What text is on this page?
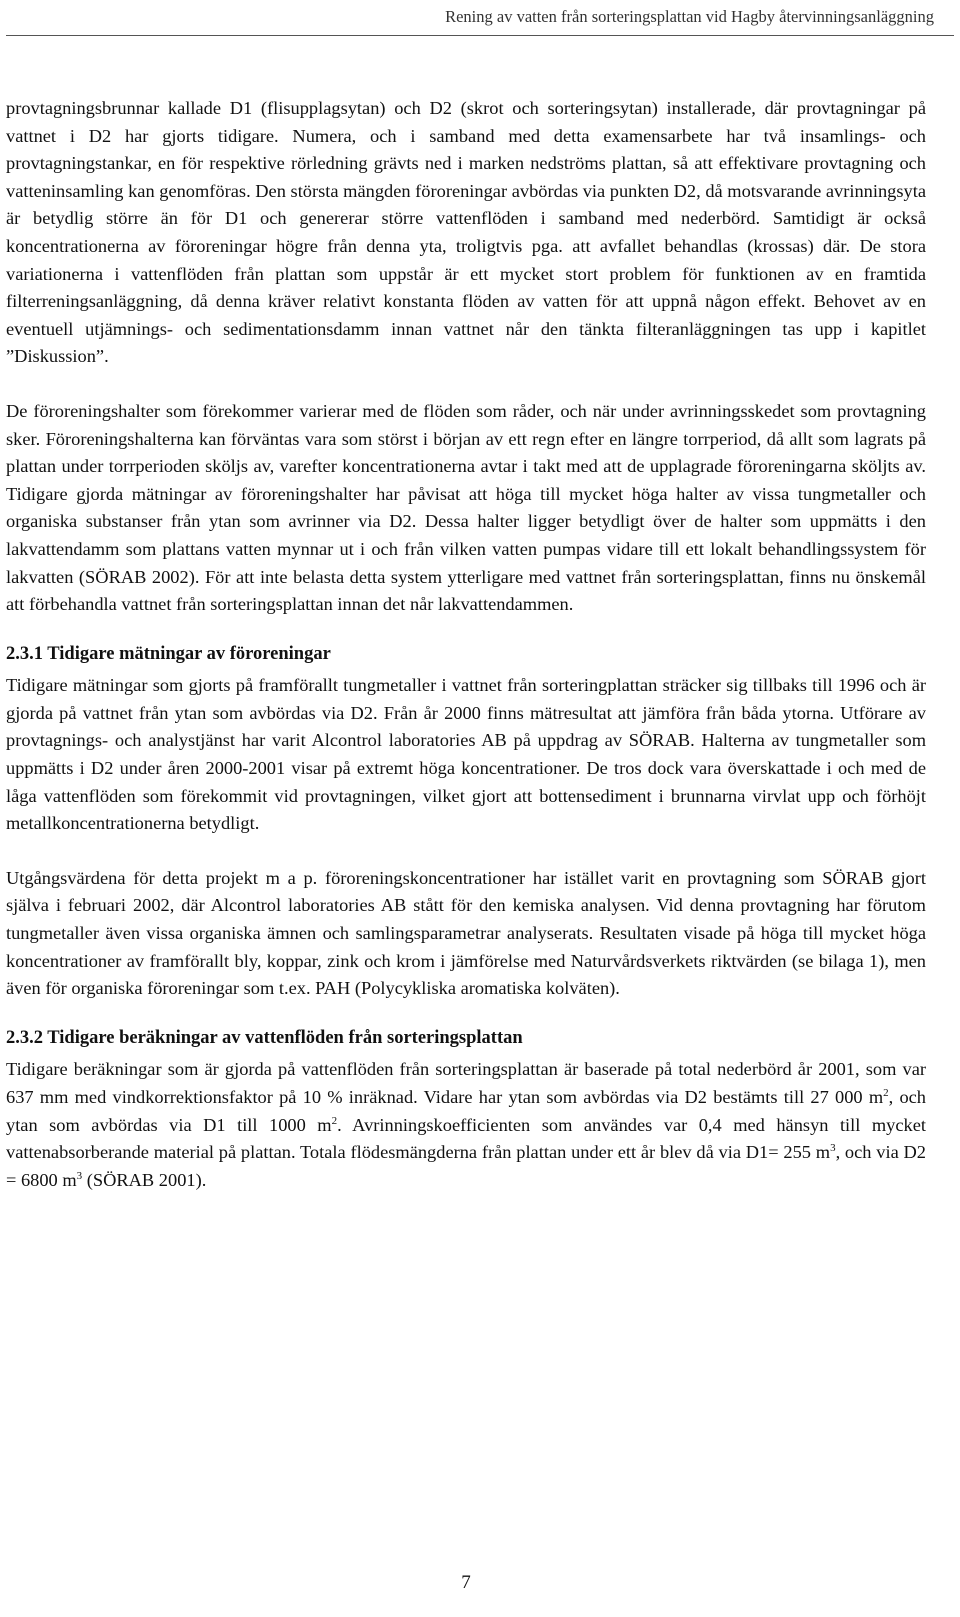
Rening av vatten från sorteringsplattan vid Hagby återvinningsanläggning

provtagningsbrunnar kallade D1 (flisupplagsytan) och D2 (skrot och sorteringsytan) installerade, där provtagningar på vattnet i D2 har gjorts tidigare. Numera, och i samband med detta examensarbete har två insamlings- och provtagningstankar, en för respektive rörledning grävts ned i marken nedströms plattan, så att effektivare provtagning och vatteninsamling kan genomföras. Den största mängden föroreningar avbördas via punkten D2, då motsvarande avrinningsyta är betydlig större än för D1 och genererar större vattenflöden i samband med nederbörd. Samtidigt är också koncentrationerna av föroreningar högre från denna yta, troligtvis pga. att avfallet behandlas (krossas) där. De stora variationerna i vattenflöden från plattan som uppstår är ett mycket stort problem för funktionen av en framtida filterreningsanläggning, då denna kräver relativt konstanta flöden av vatten för att uppnå någon effekt. Behovet av en eventuell utjämnings- och sedimentationsdamm innan vattnet når den tänkta filteranläggningen tas upp i kapitlet ”Diskussion”.

De föroreningshalter som förekommer varierar med de flöden som råder, och när under avrinningsskedet som provtagning sker. Föroreningshalterna kan förväntas vara som störst i början av ett regn efter en längre torrperiod, då allt som lagrats på plattan under torrperioden sköljs av, varefter koncentrationerna avtar i takt med att de upplagrade föroreningarna sköljts av. Tidigare gjorda mätningar av föroreningshalter har påvisat att höga till mycket höga halter av vissa tungmetaller och organiska substanser från ytan som avrinner via D2. Dessa halter ligger betydligt över de halter som uppmätts i den lakvattendamm som plattans vatten mynnar ut i och från vilken vatten pumpas vidare till ett lokalt behandlingssystem för lakvatten (SÖRAB 2002). För att inte belasta detta system ytterligare med vattnet från sorteringsplattan, finns nu önskemål att förbehandla vattnet från sorteringsplattan innan det når lakvattendammen.

2.3.1 Tidigare mätningar av föroreningar

Tidigare mätningar som gjorts på framförallt tungmetaller i vattnet från sorteringplattan sträcker sig tillbaks till 1996 och är gjorda på vattnet från ytan som avbördas via D2. Från år 2000 finns mätresultat att jämföra från båda ytorna. Utförare av provtagnings- och analystjänst har varit Alcontrol laboratories AB på uppdrag av SÖRAB. Halterna av tungmetaller som uppmätts i D2 under åren 2000-2001 visar på extremt höga koncentrationer. De tros dock vara överskattade i och med de låga vattenflöden som förekommit vid provtagningen, vilket gjort att bottensediment i brunnarna virvlat upp och förhöjt metallkoncentrationerna betydligt.

Utgångsvärdena för detta projekt m a p. föroreningskoncentrationer har istället varit en provtagning som SÖRAB gjort själva i februari 2002, där Alcontrol laboratories AB stått för den kemiska analysen. Vid denna provtagning har förutom tungmetaller även vissa organiska ämnen och samlingsparametrar analyserats. Resultaten visade på höga till mycket höga koncentrationer av framförallt bly, koppar, zink och krom i jämförelse med Naturvårdsverkets riktvärden (se bilaga 1), men även för organiska föroreningar som t.ex. PAH (Polycykliska aromatiska kolväten).

2.3.2 Tidigare beräkningar av vattenflöden från sorteringsplattan

Tidigare beräkningar som är gjorda på vattenflöden från sorteringsplattan är baserade på total nederbörd år 2001, som var 637 mm med vindkorrektionsfaktor på 10 % inräknad. Vidare har ytan som avbördas via D2 bestämts till 27 000 $m^2$, och ytan som avbördas via D1 till 1000 $m^2$. Avrinningskoefficienten som användes var 0,4 med hänsyn till mycket vattenabsorberande material på plattan. Totala flödesmängderna från plattan under ett år blev då via D1= 255 $m^3$, och via D2 = 6800 $m^3$ (SÖRAB 2001).

7
